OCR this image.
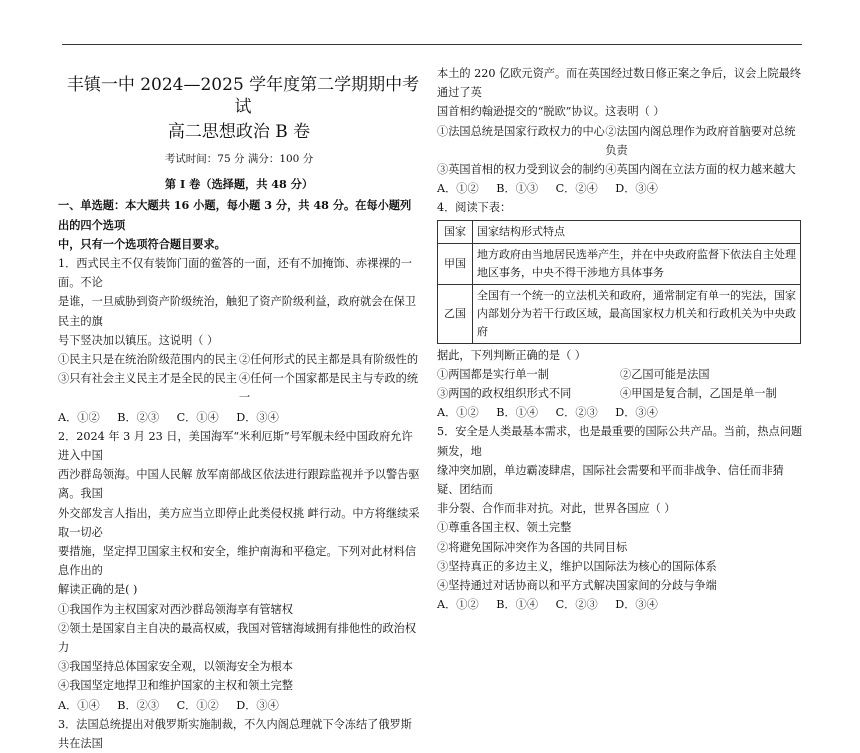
丰镇一中 2024—2025 学年度第二学期期中考试
高二思想政治 B 卷
考试时间：75 分 满分：100 分
第 Ⅰ 卷（选择题，共 48 分）
一、单选题：本大题共 16 小题，每小题 3 分，共 48 分。在每小题列出的四个选项
中，只有一个选项符合题目要求。
1．西式民主不仅有装饰门面的鲎答的一面，还有不加掩饰、赤裸裸的一面。不论
是谁，一旦威胁到资产阶级统治，触犯了资产阶级利益，政府就会在保卫民主的旗
号下竖决加以镇压。这说明（ ）
①民主只是在统治阶级范围内的民主 ②任何形式的民主都是具有阶级性的
③只有社会主义民主才是全民的民主 ④任何一个国家都是民主与专政的统一
A．①② B．②③ C．①④ D．③④
2．2024 年 3 月 23 日，美国海军“米利厄斯”号军舰未经中国政府允许进入中国
西沙群岛领海。中国人民解 放军南部战区依法进行跟踪监视并予以警告驱离。我国
外交部发言人指出，美方应当立即停止此类侵权挑 衅行动。中方将继续采取一切必
要措施，坚定捍卫国家主权和安全，维护南海和平稳定。下列对此材料信 息作出的
解读正确的是( )
①我国作为主权国家对西沙群岛领海享有管辖权
②领土是国家自主自决的最高权威，我国对管辖海域拥有排他性的政治权力
③我国坚持总体国家安全观，以领海安全为根本
④我国坚定地捍卫和维护国家的主权和领土完整
A．①④ B．②③ C．①② D．③④
3．法国总统提出对俄罗斯实施制裁，不久内阁总理就下令冻结了俄罗斯共在法国
本土的 220 亿欧元资产。而在英国经过数日修正案之争后，议会上院最终通过了英
国首相约翰逊提交的“脱欧”协议。这表明（ ）
①法国总统是国家行政权力的中心 ②法国内阁总理作为政府首脑要对总统负责
③英国首相的权力受到议会的制约 ④英国内阁在立法方面的权力越来越大
A．①② B．①③ C．②④ D．③④
4．阅读下表：
国家	国家结构形式特点
甲国	地方政府由当地居民选举产生，并在中央政府监督下依法自主处理地区事务，中央不得干涉地方具体事务
乙国	全国有一个统一的立法机关和政府，通常制定有单一的宪法，国家内部划分为若干行政区域，最高国家权力机关和行政机关为中央政府
据此，下列判断正确的是（ ）
①两国都是实行单一制	②乙国可能是法国
③两国的政权组织形式不同	④甲国是复合制，乙国是单一制
A．①② B．①④ C．②③ D．③④
5．安全是人类最基本需求，也是最重要的国际公共产品。当前，热点问题频发，地
缘冲突加剧，单边霸凌肆虐，国际社会需要和平而非战争、信任而非猜疑、团结而
非分裂、合作而非对抗。对此，世界各国应（ ）
①尊重各国主权、领土完整
②将避免国际冲突作为各国的共同目标
③坚持真正的多边主义，维护以国际法为核心的国际体系
④坚持通过对话协商以和平方式解决国家间的分歧与争端
A．①② B．①④ C．②③ D．③④
